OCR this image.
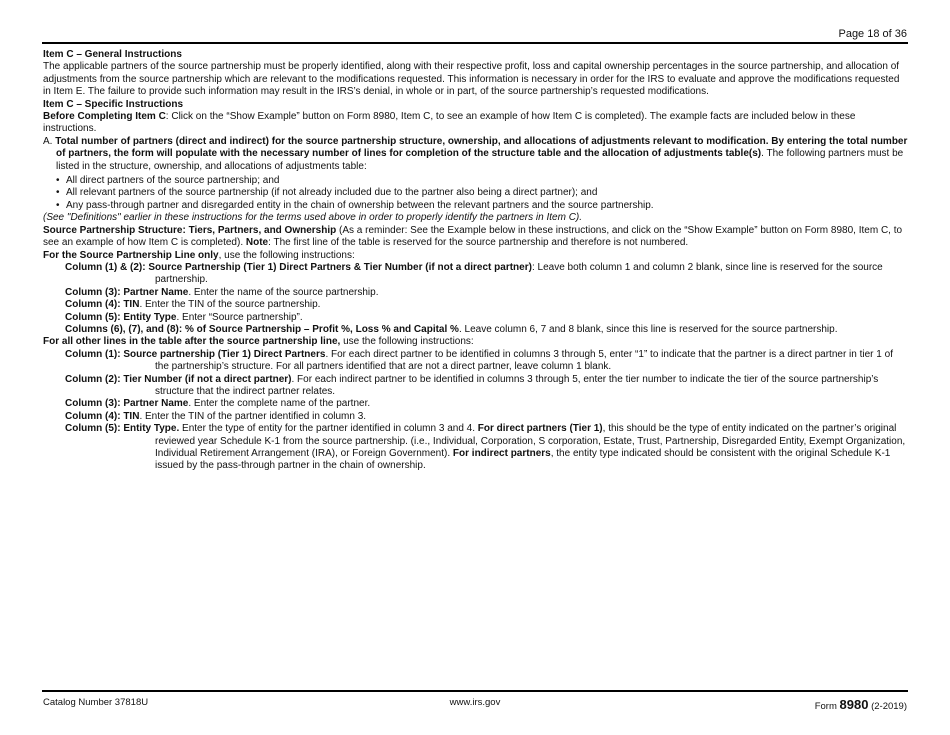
Page 18 of 36

Item C – General Instructions

The applicable partners of the source partnership must be properly identified, along with their respective profit, loss and capital ownership percentages in the source partnership, and allocation of adjustments from the source partnership which are relevant to the modifications requested. This information is necessary in order for the IRS to evaluate and approve the modifications requested in Item E. The failure to provide such information may result in the IRS’s denial, in whole or in part, of the source partnership’s requested modifications.

Item C – Specific Instructions

Before Completing Item C: Click on the “Show Example” button on Form 8980, Item C, to see an example of how Item C is completed). The example facts are included below in these instructions.

A. Total number of partners (direct and indirect) for the source partnership structure, ownership, and allocations of adjustments relevant to modification. By entering the total number of partners, the form will populate with the necessary number of lines for completion of the structure table and the allocation of adjustments table(s). The following partners must be listed in the structure, ownership, and allocations of adjustments table:

• All direct partners of the source partnership; and
• All relevant partners of the source partnership (if not already included due to the partner also being a direct partner); and
• Any pass-through partner and disregarded entity in the chain of ownership between the relevant partners and the source partnership.

(See "Definitions" earlier in these instructions for the terms used above in order to properly identify the partners in Item C).

Source Partnership Structure: Tiers, Partners, and Ownership (As a reminder: See the Example below in these instructions, and click on the “Show Example” button on Form 8980, Item C, to see an example of how Item C is completed). Note: The first line of the table is reserved for the source partnership and therefore is not numbered.

For the Source Partnership Line only, use the following instructions:

Column (1) & (2): Source Partnership (Tier 1) Direct Partners & Tier Number (if not a direct partner): Leave both column 1 and column 2 blank, since line is reserved for the source partnership.

Column (3): Partner Name. Enter the name of the source partnership.

Column (4): TIN. Enter the TIN of the source partnership.

Column (5): Entity Type. Enter “Source partnership”.

Columns (6), (7), and (8): % of Source Partnership – Profit %, Loss % and Capital %. Leave column 6, 7 and 8 blank, since this line is reserved for the source partnership.

For all other lines in the table after the source partnership line, use the following instructions:

Column (1): Source partnership (Tier 1) Direct Partners. For each direct partner to be identified in columns 3 through 5, enter “1” to indicate that the partner is a direct partner in tier 1 of the partnership’s structure. For all partners identified that are not a direct partner, leave column 1 blank.

Column (2): Tier Number (if not a direct partner). For each indirect partner to be identified in columns 3 through 5, enter the tier number to indicate the tier of the source partnership’s structure that the indirect partner relates.

Column (3): Partner Name. Enter the complete name of the partner.

Column (4): TIN. Enter the TIN of the partner identified in column 3.

Column (5): Entity Type. Enter the type of entity for the partner identified in column 3 and 4. For direct partners (Tier 1), this should be the type of entity indicated on the partner’s original reviewed year Schedule K-1 from the source partnership. (i.e., Individual, Corporation, S corporation, Estate, Trust, Partnership, Disregarded Entity, Exempt Organization, Individual Retirement Arrangement (IRA), or Foreign Government). For indirect partners, the entity type indicated should be consistent with the original Schedule K-1 issued by the pass-through partner in the chain of ownership.

Catalog Number 37818U	www.irs.gov	Form 8980 (2-2019)
